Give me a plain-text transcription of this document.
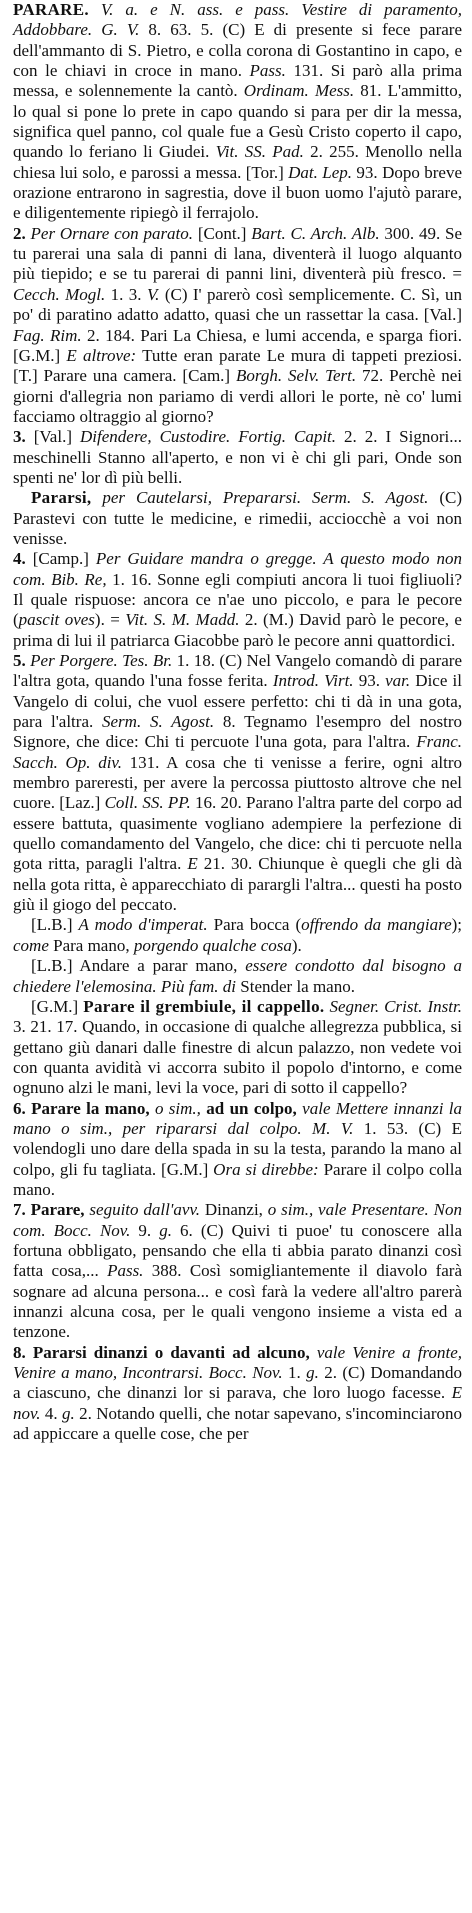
PARARE. V. a. e N. ass. e pass. Vestire di paramento, Addobbare. G. V. 8. 63. 5. (C) E di presente si fece parare dell'ammanto di S. Pietro, e colla corona di Gostantino in capo, e con le chiavi in croce in mano. Pass. 131. Si parò alla prima messa, e solennemente la cantò. Ordinam. Mess. 81. L'ammitto, lo qual si pone lo prete in capo quando si para per dir la messa, significa quel panno, col quale fue a Gesù Cristo coperto il capo, quando lo feriano li Giudei. Vit. SS. Pad. 2. 255. Menollo nella chiesa lui solo, e parossi a messa. [Tor.] Dat. Lep. 93. Dopo breve orazione entrarono in sagrestia, dove il buon uomo l'ajutò parare, e diligentemente ripiegò il ferrajolo.

2. Per Ornare con parato. [Cont.] Bart. C. Arch. Alb. 300. 49. Se tu parerai una sala di panni di lana, diventerà il luogo alquanto più tiepido; e se tu parerai di panni lini, diventerà più fresco. = Cecch. Mogl. 1. 3. V. (C) I' parerò così semplicemente. C. Sì, un po' di paratino adatto adatto, quasi che un rassettar la casa. [Val.] Fag. Rim. 2. 184. Pari La Chiesa, e lumi accenda, e sparga fiori. [G.M.] E altrove: Tutte eran parate Le mura di tappeti preziosi. [T.] Parare una camera. [Cam.] Borgh. Selv. Tert. 72. Perchè nei giorni d'allegria non pariamo di verdi allori le porte, nè co' lumi facciamo oltraggio al giorno?

3. [Val.] Difendere, Custodire. Fortig. Capit. 2. 2. I Signori... meschinelli Stanno all'aperto, e non vi è chi gli pari, Onde son spenti ne' lor dì più belli.

Pararsi, per Cautelarsi, Prepararsi. Serm. S. Agost. (C) Parastevi con tutte le medicine, e rimedii, acciocchè a voi non venisse.

4. [Camp.] Per Guidare mandra o gregge. A questo modo non com. Bib. Re, 1. 16. Sonne egli compiuti ancora li tuoi figliuoli? Il quale rispuose: ancora ce n'ae uno piccolo, e para le pecore (pascit oves). = Vit. S. M. Madd. 2. (M.) David parò le pecore, e prima di lui il patriarca Giacobbe parò le pecore anni quattordici.

5. Per Porgere. Tes. Br. 1. 18. (C) Nel Vangelo comandò di parare l'altra gota, quando l'una fosse ferita. Introd. Virt. 93. var. Dice il Vangelo di colui, che vuol essere perfetto: chi ti dà in una gota, para l'altra. Serm. S. Agost. 8. Tegnamo l'esempro del nostro Signore, che dice: Chi ti percuote l'una gota, para l'altra. Franc. Sacch. Op. div. 131. A cosa che ti venisse a ferire, ogni altro membro pareresti, per avere la percossa piuttosto altrove che nel cuore. [Laz.] Coll. SS. PP. 16. 20. Parano l'altra parte del corpo ad essere battuta, quasimente vogliano adempiere la perfezione di quello comandamento del Vangelo, che dice: chi ti percuote nella gota ritta, paragli l'altra. E 21. 30. Chiunque è quegli che gli dà nella gota ritta, è apparecchiato di parargli l'altra... questi ha posto giù il giogo del peccato.

[L.B.] A modo d'imperat. Para bocca (offrendo da mangiare); come Para mano, porgendo qualche cosa).

[L.B.] Andare a parar mano, essere condotto dal bisogno a chiedere l'elemosina. Più fam. di Stender la mano.

[G.M.] Parare il grembiule, il cappello. Segner. Crist. Instr. 3. 21. 17. Quando, in occasione di qualche allegrezza pubblica, si gettano giù danari dalle finestre di alcun palazzo, non vedete voi con quanta avidità vi accorra subito il popolo d'intorno, e come ognuno alzi le mani, levi la voce, pari di sotto il cappello?

6. Parare la mano, o sim., ad un colpo, vale Mettere innanzi la mano o sim., per ripararsi dal colpo. M. V. 1. 53. (C) E volendogli uno dare della spada in su la testa, parando la mano al colpo, gli fu tagliata. [G.M.] Ora si direbbe: Parare il colpo colla mano.

7. Parare, seguito dall'avv. Dinanzi, o sim., vale Presentare. Non com. Bocc. Nov. 9. g. 6. (C) Quivi ti puoe' tu conoscere alla fortuna obbligato, pensando che ella ti abbia parato dinanzi così fatta cosa,... Pass. 388. Così somigliantemente il diavolo farà sognare ad alcuna persona... e così farà la vedere all'altro parerà innanzi alcuna cosa, per le quali vengono insieme a vista ed a tenzone.

8. Pararsi dinanzi o davanti ad alcuno, vale Venire a fronte, Venire a mano, Incontrarsi. Bocc. Nov. 1. g. 2. (C) Domandando a ciascuno, che dinanzi lor si parava, che loro luogo facesse. E nov. 4. g. 2. Notando quelli, che notar sapevano, s'incominciarono ad appiccare a quelle cose, che per
